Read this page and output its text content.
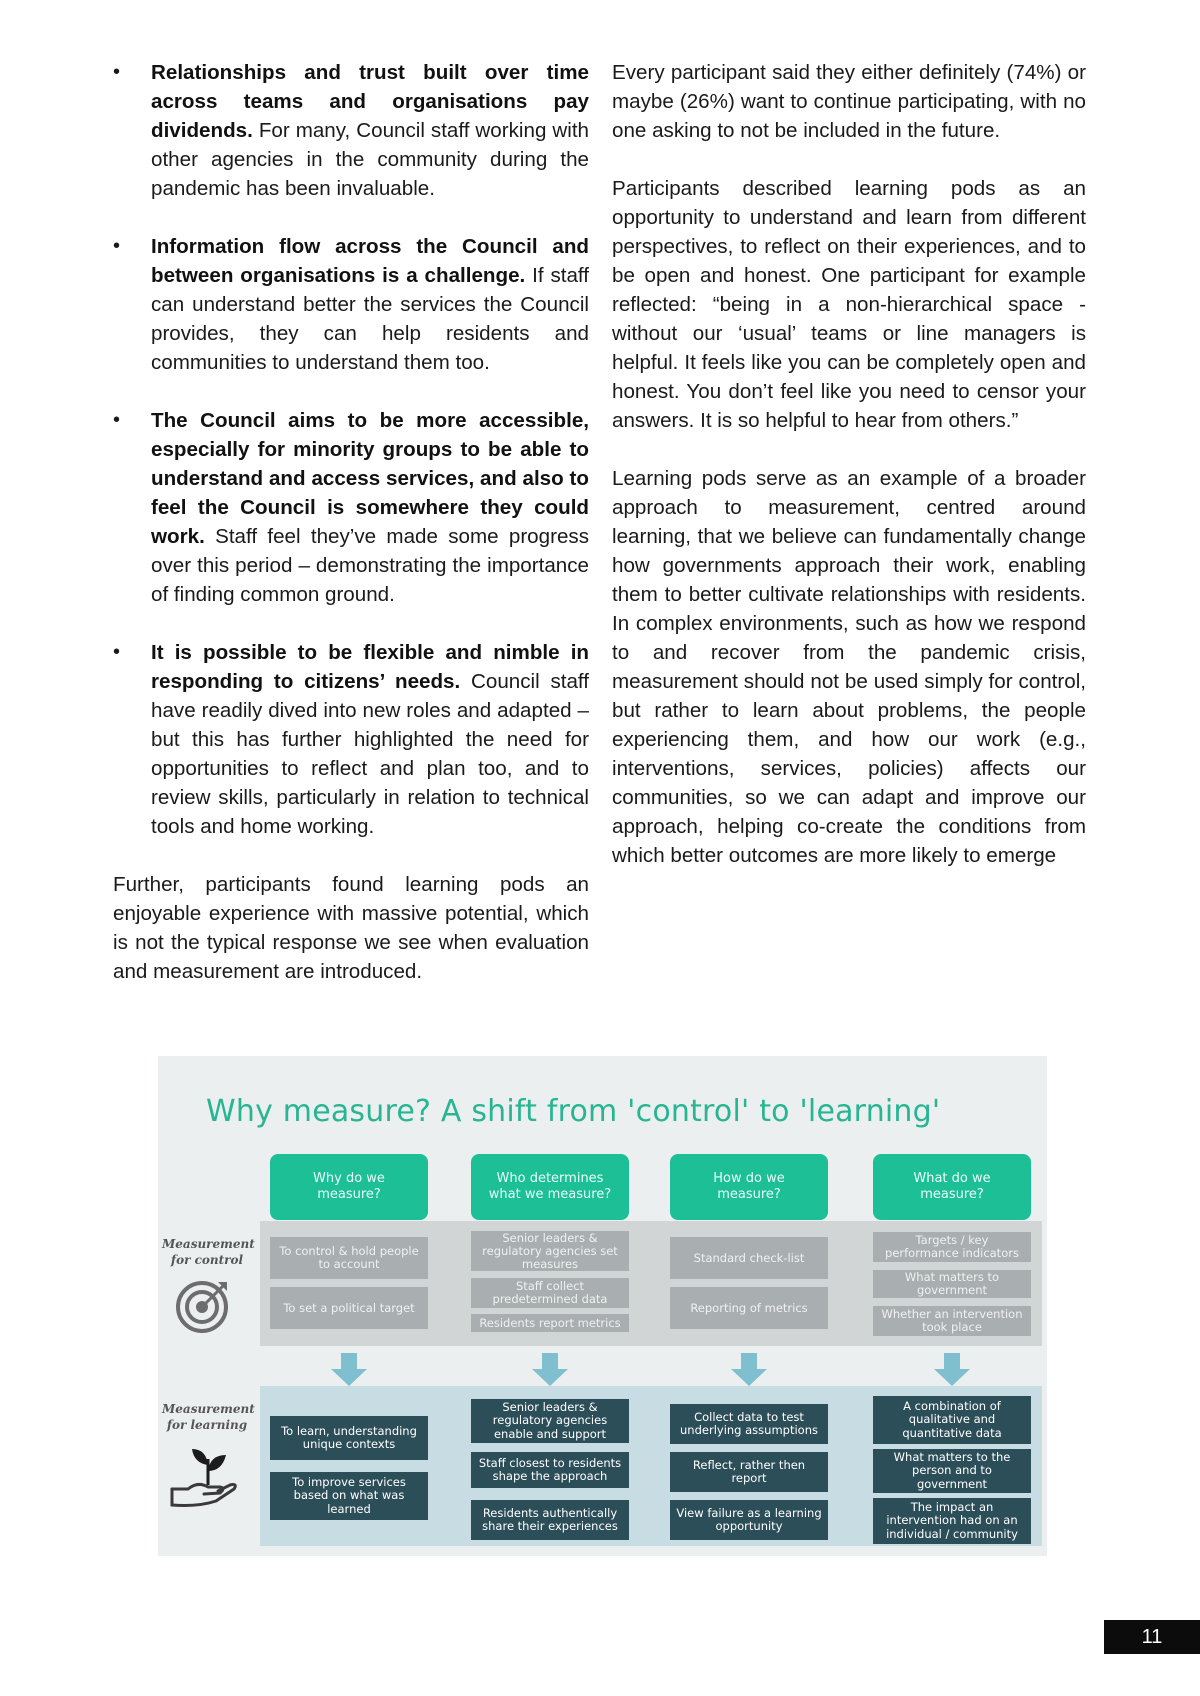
• Relationships and trust built over time across teams and organisations pay dividends. For many, Council staff working with other agencies in the community during the pandemic has been invaluable.
• Information flow across the Council and between organisations is a challenge. If staff can understand better the services the Council provides, they can help residents and communities to understand them too.
• The Council aims to be more accessible, especially for minority groups to be able to understand and access services, and also to feel the Council is somewhere they could work. Staff feel they’ve made some progress over this period – demonstrating the importance of finding common ground.
• It is possible to be flexible and nimble in responding to citizens’ needs. Council staff have readily dived into new roles and adapted – but this has further highlighted the need for opportunities to reflect and plan too, and to review skills, particularly in relation to technical tools and home working.

Further, participants found learning pods an enjoyable experience with massive potential, which is not the typical response we see when evaluation and measurement are introduced.

Every participant said they either definitely (74%) or maybe (26%) want to continue participating, with no one asking to not be included in the future.

Participants described learning pods as an opportunity to understand and learn from different perspectives, to reflect on their experiences, and to be open and honest. One participant for example reflected: “being in a non-hierarchical space - without our ‘usual’ teams or line managers is helpful. It feels like you can be completely open and honest. You don’t feel like you need to censor your answers. It is so helpful to hear from others.”

Learning pods serve as an example of a broader approach to measurement, centred around learning, that we believe can fundamentally change how governments approach their work, enabling them to better cultivate relationships with residents. In complex environments, such as how we respond to and recover from the pandemic crisis, measurement should not be used simply for control, but rather to learn about problems, the people experiencing them, and how our work (e.g., interventions, services, policies) affects our communities, so we can adapt and improve our approach, helping co-create the conditions from which better outcomes are more likely to emerge

Why measure? A shift from 'control' to 'learning'
Why do we measure?
Who determines what we measure?
How do we measure?
What do we measure?
Measurement for control
Measurement for learning
To control & hold people to account
To set a political target
Senior leaders & regulatory agencies set measures
Staff collect predetermined data
Residents report metrics
Standard check-list
Reporting of metrics
Targets / key performance indicators
What matters to government
Whether an intervention took place
To learn, understanding unique contexts
To improve services based on what was learned
Senior leaders & regulatory agencies enable and support
Staff closest to residents shape the approach
Residents authentically share their experiences
Collect data to test underlying assumptions
Reflect, rather then report
View failure as a learning opportunity
A combination of qualitative and quantitative data
What matters to the person and to government
The impact an intervention had on an individual / community
11
